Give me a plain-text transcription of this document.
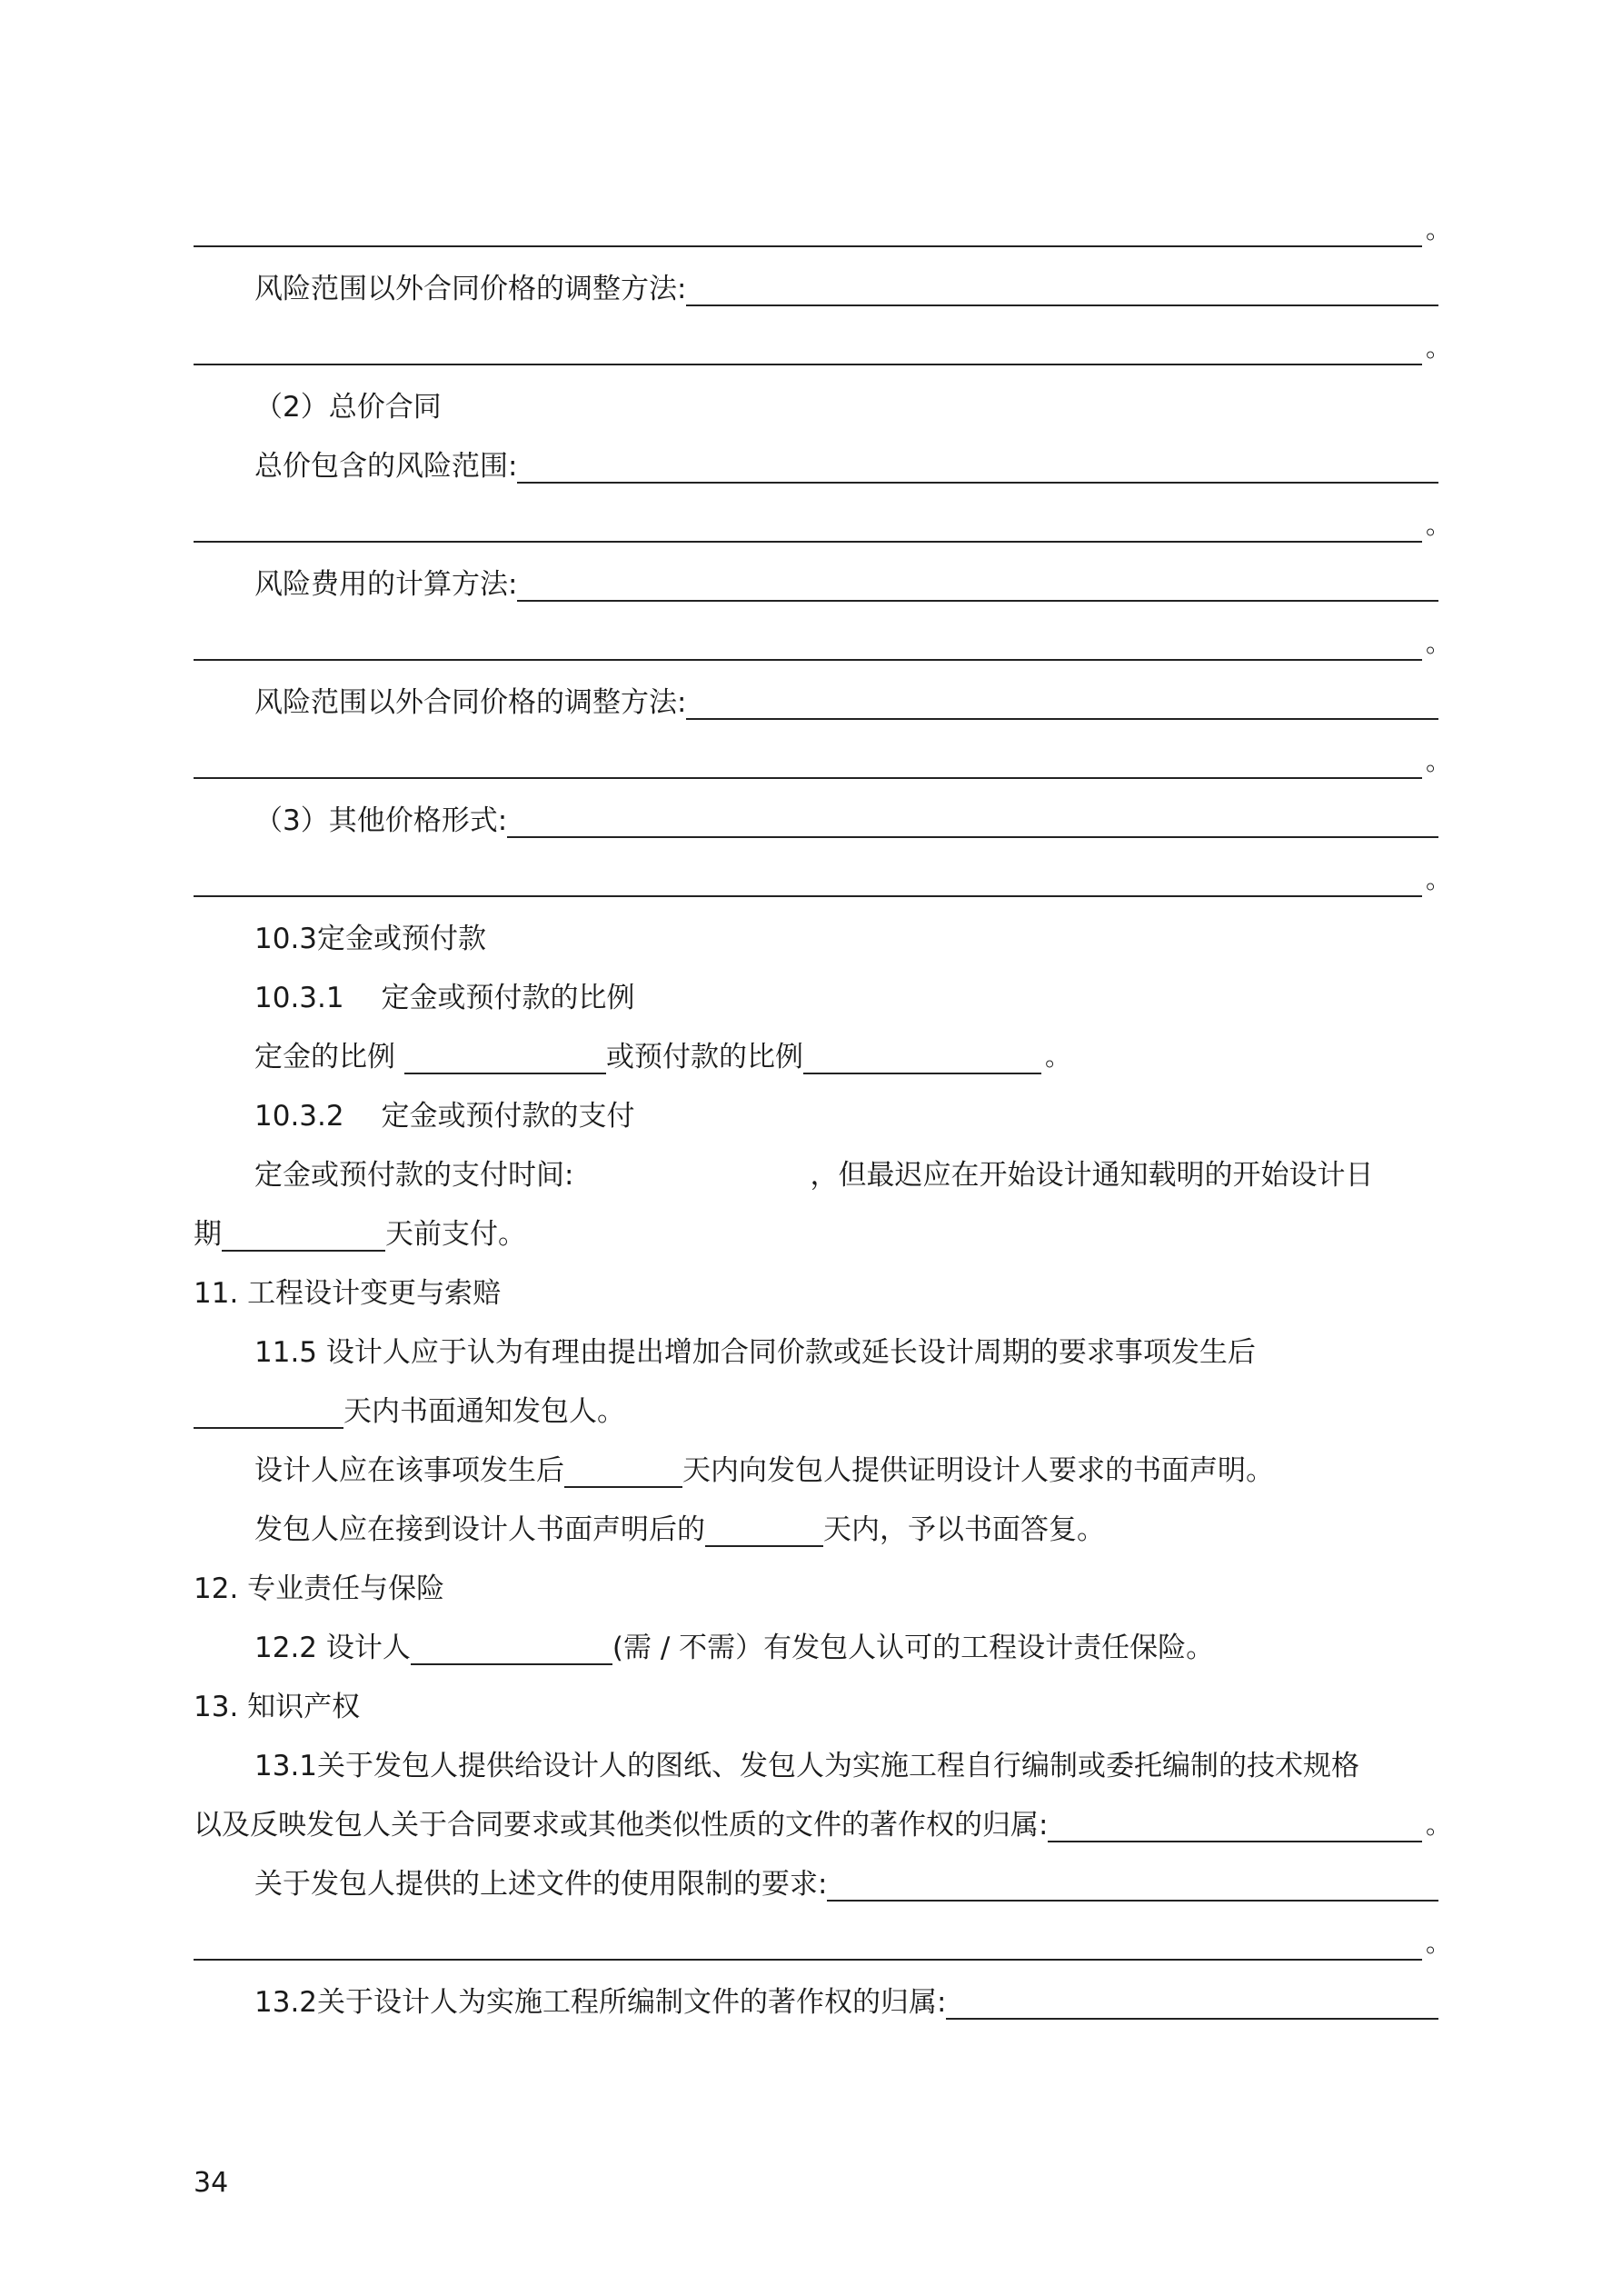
。
风险范围以外合同价格的调整方法:
。
（2）总价合同
总价包含的风险范围:
。
风险费用的计算方法:
。
风险范围以外合同价格的调整方法:
。
（3）其他价格形式:
。
10.3定金或预付款
10.3.1　 定金或预付款的比例
定金的比例	或预付款的比例	。
10.3.2　 定金或预付款的支付
定金或预付款的支付时间:	，但最迟应在开始设计通知载明的开始设计日
期	天前支付。
11. 工程设计变更与索赔
11.5 设计人应于认为有理由提出增加合同价款或延长设计周期的要求事项发生后
天内书面通知发包人。
设计人应在该事项发生后	天内向发包人提供证明设计人要求的书面声明。
发包人应在接到设计人书面声明后的	天内，予以书面答复。
12. 专业责任与保险
12.2 设计人	(需 / 不需）有发包人认可的工程设计责任保险。
13. 知识产权
13.1关于发包人提供给设计人的图纸、发包人为实施工程自行编制或委托编制的技术规格
以及反映发包人关于合同要求或其他类似性质的文件的著作权的归属:	。
关于发包人提供的上述文件的使用限制的要求:
。
13.2关于设计人为实施工程所编制文件的著作权的归属:
34
